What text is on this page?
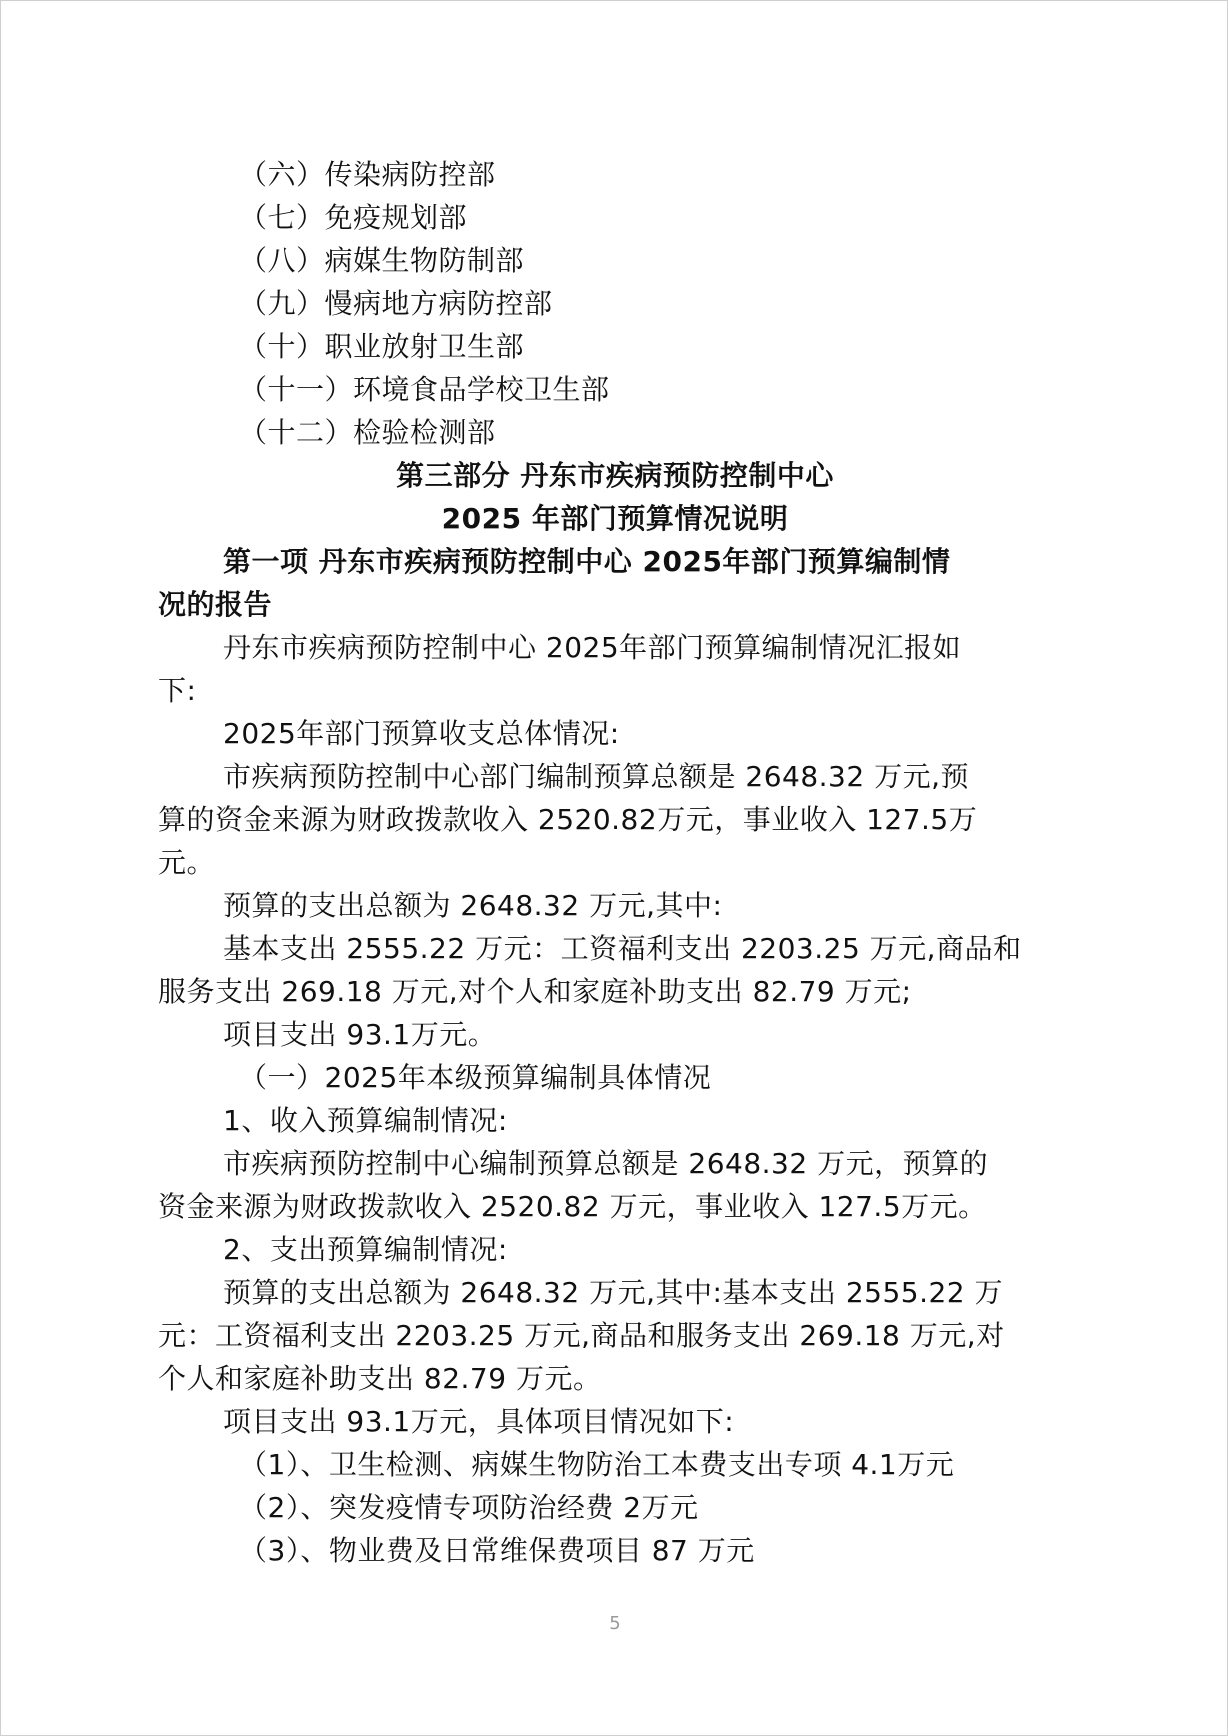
（六）传染病防控部
（七）免疫规划部
（八）病媒生物防制部
（九）慢病地方病防控部
（十）职业放射卫生部
（十一）环境食品学校卫生部
（十二）检验检测部
第三部分 丹东市疾病预防控制中心
2025 年部门预算情况说明
第一项 丹东市疾病预防控制中心 2025年部门预算编制情
况的报告
丹东市疾病预防控制中心 2025年部门预算编制情况汇报如
下:
2025年部门预算收支总体情况:
市疾病预防控制中心部门编制预算总额是 2648.32 万元,预
算的资金来源为财政拨款收入 2520.82万元，事业收入 127.5万
元。
预算的支出总额为 2648.32 万元,其中:
基本支出 2555.22 万元：工资福利支出 2203.25 万元,商品和
服务支出 269.18 万元,对个人和家庭补助支出 82.79 万元;
项目支出 93.1万元。
（一）2025年本级预算编制具体情况
1、收入预算编制情况:
市疾病预防控制中心编制预算总额是 2648.32 万元，预算的
资金来源为财政拨款收入 2520.82 万元，事业收入 127.5万元。
2、支出预算编制情况:
预算的支出总额为 2648.32 万元,其中:基本支出 2555.22 万
元：工资福利支出 2203.25 万元,商品和服务支出 269.18 万元,对
个人和家庭补助支出 82.79 万元。
项目支出 93.1万元，具体项目情况如下:
（1）、卫生检测、病媒生物防治工本费支出专项 4.1万元
（2）、突发疫情专项防治经费 2万元
（3）、物业费及日常维保费项目 87 万元
5
